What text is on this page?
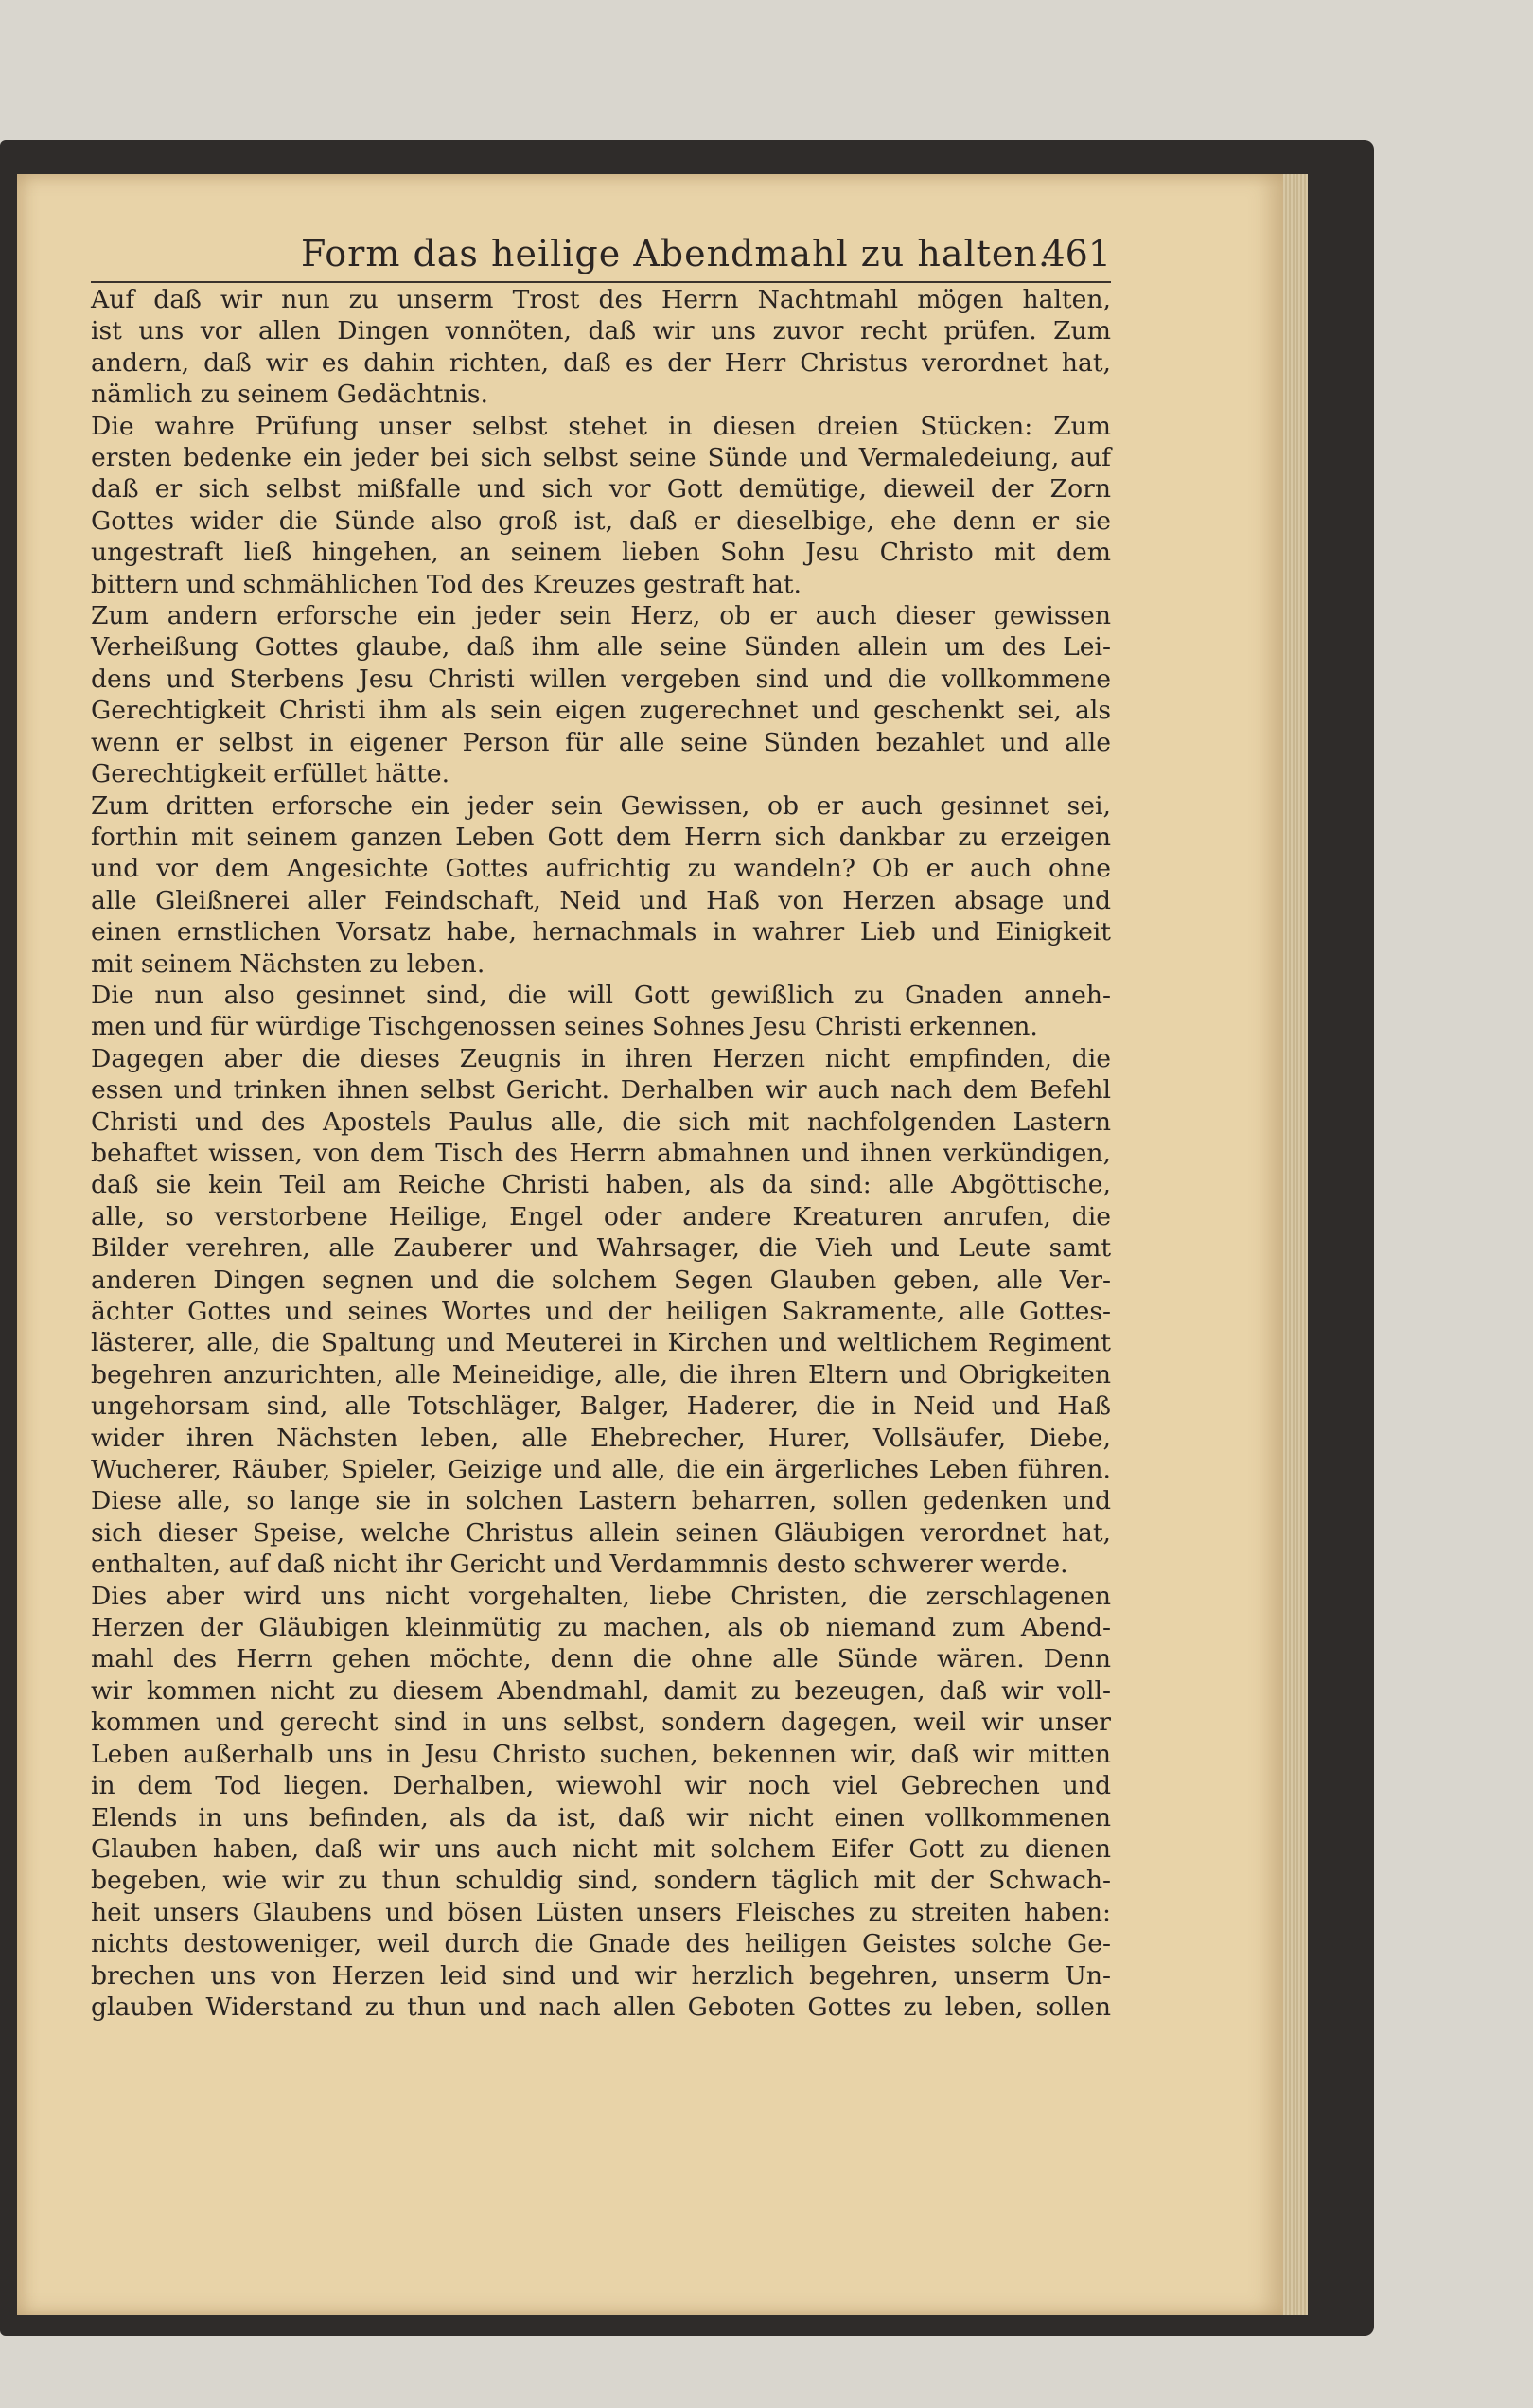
Form das heilige Abendmahl zu halten.
461
Auf daß wir nun zu unserm Trost des Herrn Nachtmahl mögen halten,
ist uns vor allen Dingen vonnöten, daß wir uns zuvor recht prüfen. Zum
andern, daß wir es dahin richten, daß es der Herr Christus verordnet hat,
nämlich zu seinem Gedächtnis.
Die wahre Prüfung unser selbst stehet in diesen dreien Stücken: Zum
ersten bedenke ein jeder bei sich selbst seine Sünde und Vermaledeiung, auf
daß er sich selbst mißfalle und sich vor Gott demütige, dieweil der Zorn
Gottes wider die Sünde also groß ist, daß er dieselbige, ehe denn er sie
ungestraft ließ hingehen, an seinem lieben Sohn Jesu Christo mit dem
bittern und schmählichen Tod des Kreuzes gestraft hat.
Zum andern erforsche ein jeder sein Herz, ob er auch dieser gewissen
Verheißung Gottes glaube, daß ihm alle seine Sünden allein um des Lei-
dens und Sterbens Jesu Christi willen vergeben sind und die vollkommene
Gerechtigkeit Christi ihm als sein eigen zugerechnet und geschenkt sei, als
wenn er selbst in eigener Person für alle seine Sünden bezahlet und alle
Gerechtigkeit erfüllet hätte.
Zum dritten erforsche ein jeder sein Gewissen, ob er auch gesinnet sei,
forthin mit seinem ganzen Leben Gott dem Herrn sich dankbar zu erzeigen
und vor dem Angesichte Gottes aufrichtig zu wandeln? Ob er auch ohne
alle Gleißnerei aller Feindschaft, Neid und Haß von Herzen absage und
einen ernstlichen Vorsatz habe, hernachmals in wahrer Lieb und Einigkeit
mit seinem Nächsten zu leben.
Die nun also gesinnet sind, die will Gott gewißlich zu Gnaden anneh-
men und für würdige Tischgenossen seines Sohnes Jesu Christi erkennen.
Dagegen aber die dieses Zeugnis in ihren Herzen nicht empfinden, die
essen und trinken ihnen selbst Gericht. Derhalben wir auch nach dem Befehl
Christi und des Apostels Paulus alle, die sich mit nachfolgenden Lastern
behaftet wissen, von dem Tisch des Herrn abmahnen und ihnen verkündigen,
daß sie kein Teil am Reiche Christi haben, als da sind: alle Abgöttische,
alle, so verstorbene Heilige, Engel oder andere Kreaturen anrufen, die
Bilder verehren, alle Zauberer und Wahrsager, die Vieh und Leute samt
anderen Dingen segnen und die solchem Segen Glauben geben, alle Ver-
ächter Gottes und seines Wortes und der heiligen Sakramente, alle Gottes-
lästerer, alle, die Spaltung und Meuterei in Kirchen und weltlichem Regiment
begehren anzurichten, alle Meineidige, alle, die ihren Eltern und Obrigkeiten
ungehorsam sind, alle Totschläger, Balger, Haderer, die in Neid und Haß
wider ihren Nächsten leben, alle Ehebrecher, Hurer, Vollsäufer, Diebe,
Wucherer, Räuber, Spieler, Geizige und alle, die ein ärgerliches Leben führen.
Diese alle, so lange sie in solchen Lastern beharren, sollen gedenken und
sich dieser Speise, welche Christus allein seinen Gläubigen verordnet hat,
enthalten, auf daß nicht ihr Gericht und Verdammnis desto schwerer werde.
Dies aber wird uns nicht vorgehalten, liebe Christen, die zerschlagenen
Herzen der Gläubigen kleinmütig zu machen, als ob niemand zum Abend-
mahl des Herrn gehen möchte, denn die ohne alle Sünde wären. Denn
wir kommen nicht zu diesem Abendmahl, damit zu bezeugen, daß wir voll-
kommen und gerecht sind in uns selbst, sondern dagegen, weil wir unser
Leben außerhalb uns in Jesu Christo suchen, bekennen wir, daß wir mitten
in dem Tod liegen. Derhalben, wiewohl wir noch viel Gebrechen und
Elends in uns befinden, als da ist, daß wir nicht einen vollkommenen
Glauben haben, daß wir uns auch nicht mit solchem Eifer Gott zu dienen
begeben, wie wir zu thun schuldig sind, sondern täglich mit der Schwach-
heit unsers Glaubens und bösen Lüsten unsers Fleisches zu streiten haben:
nichts destoweniger, weil durch die Gnade des heiligen Geistes solche Ge-
brechen uns von Herzen leid sind und wir herzlich begehren, unserm Un-
glauben Widerstand zu thun und nach allen Geboten Gottes zu leben, sollen
